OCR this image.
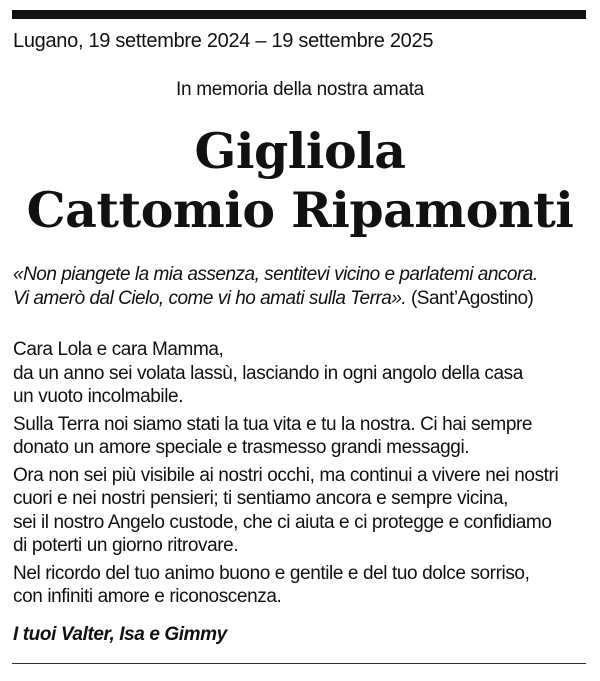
Lugano, 19 settembre 2024 – 19 settembre 2025
In memoria della nostra amata
Gigliola
Cattomio Ripamonti
«Non piangete la mia assenza, sentitevi vicino e parlatemi ancora.
Vi amerò dal Cielo, come vi ho amati sulla Terra». (Sant’Agostino)

Cara Lola e cara Mamma,
da un anno sei volata lassù, lasciando in ogni angolo della casa
un vuoto incolmabile.

Sulla Terra noi siamo stati la tua vita e tu la nostra. Ci hai sempre
donato un amore speciale e trasmesso grandi messaggi.

Ora non sei più visibile ai nostri occhi, ma continui a vivere nei nostri
cuori e nei nostri pensieri; ti sentiamo ancora e sempre vicina,
sei il nostro Angelo custode, che ci aiuta e ci protegge e confidiamo
di poterti un giorno ritrovare.

Nel ricordo del tuo animo buono e gentile e del tuo dolce sorriso,
con infiniti amore e riconoscenza.

I tuoi Valter, Isa e Gimmy
